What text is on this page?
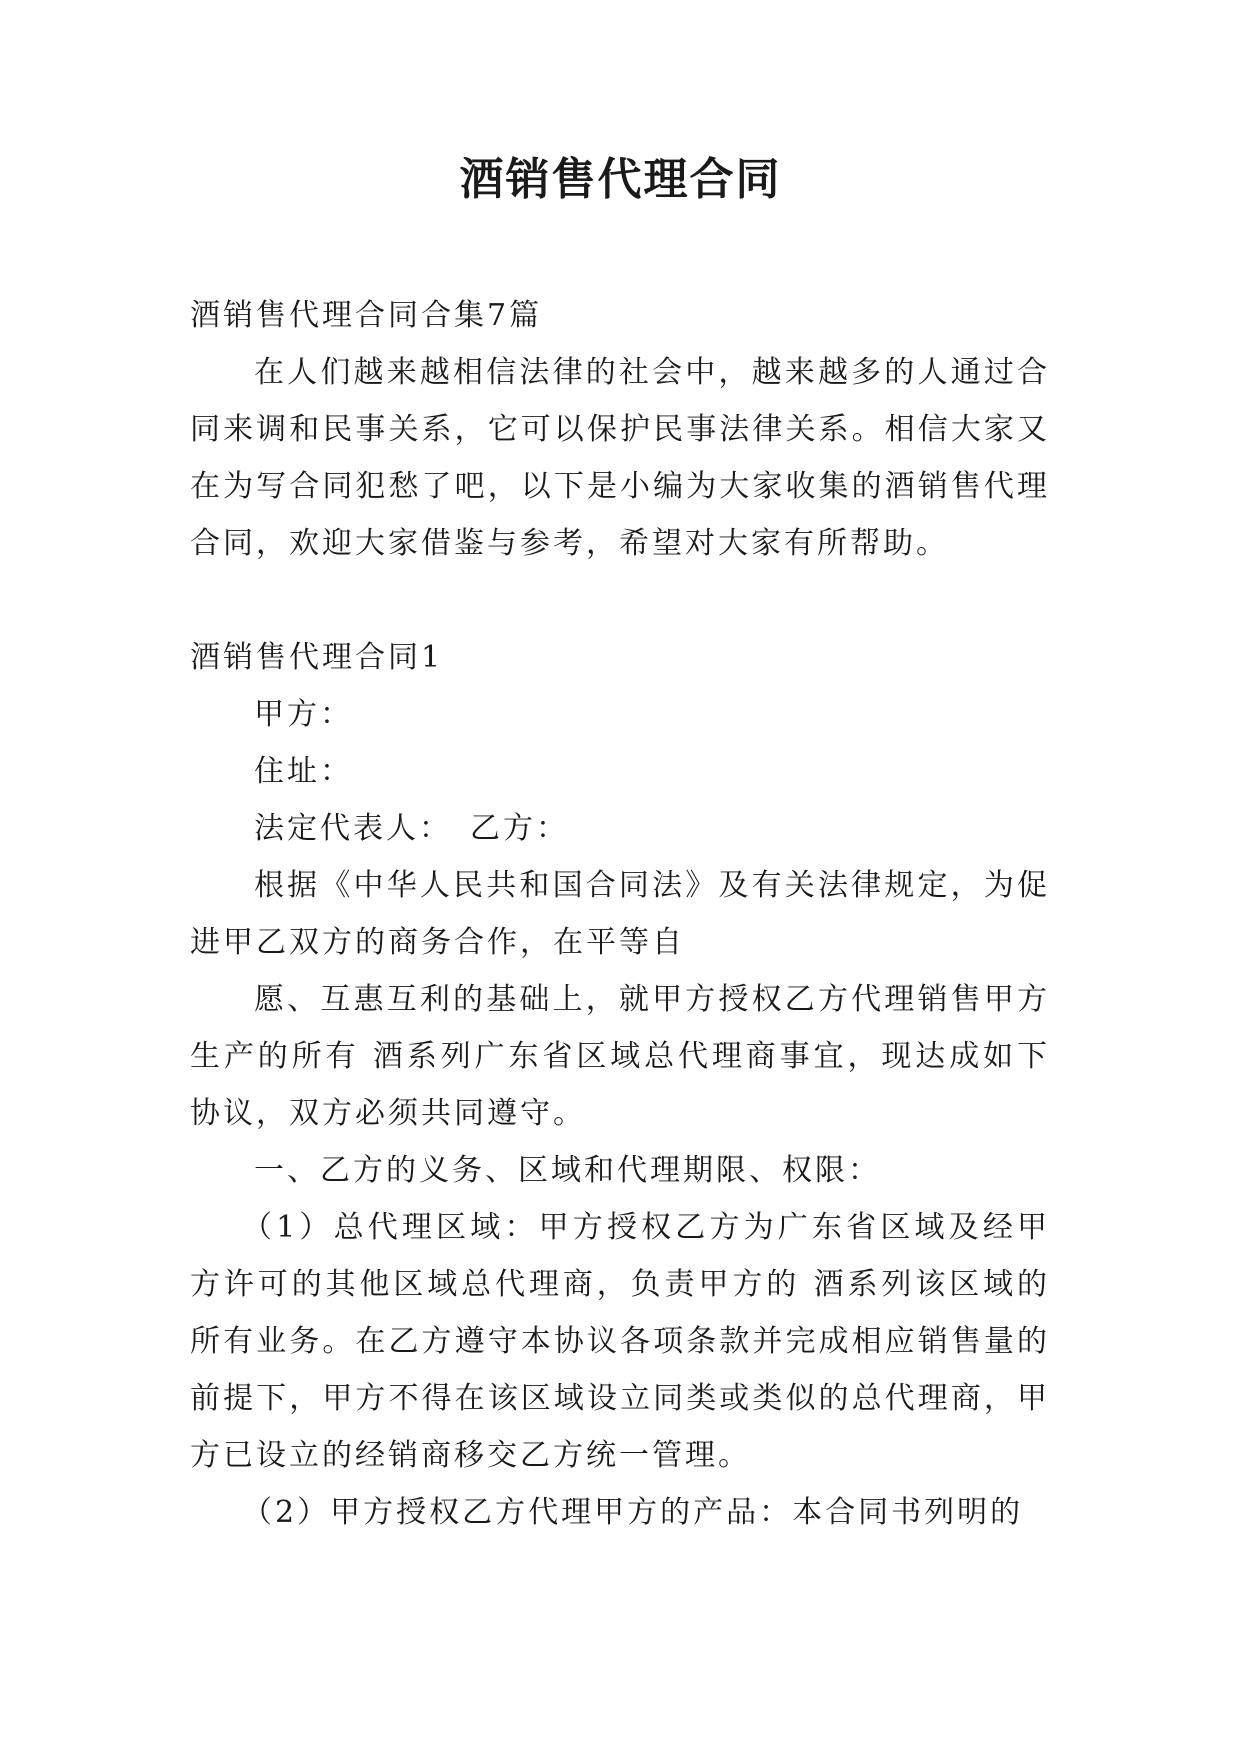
酒销售代理合同

酒销售代理合同合集7篇

在人们越来越相信法律的社会中，越来越多的人通过合同来调和民事关系，它可以保护民事法律关系。相信大家又在为写合同犯愁了吧，以下是小编为大家收集的酒销售代理合同，欢迎大家借鉴与参考，希望对大家有所帮助。

酒销售代理合同1

甲方：

住址：

法定代表人：　乙方：

根据《中华人民共和国合同法》及有关法律规定，为促进甲乙双方的商务合作，在平等自

愿、互惠互利的基础上，就甲方授权乙方代理销售甲方生产的所有 酒系列广东省区域总代理商事宜，现达成如下协议，双方必须共同遵守。

一、乙方的义务、区域和代理期限、权限：

（1）总代理区域：甲方授权乙方为广东省区域及经甲方许可的其他区域总代理商，负责甲方的 酒系列该区域的所有业务。在乙方遵守本协议各项条款并完成相应销售量的前提下，甲方不得在该区域设立同类或类似的总代理商，甲方已设立的经销商移交乙方统一管理。

（2）甲方授权乙方代理甲方的产品：本合同书列明的
